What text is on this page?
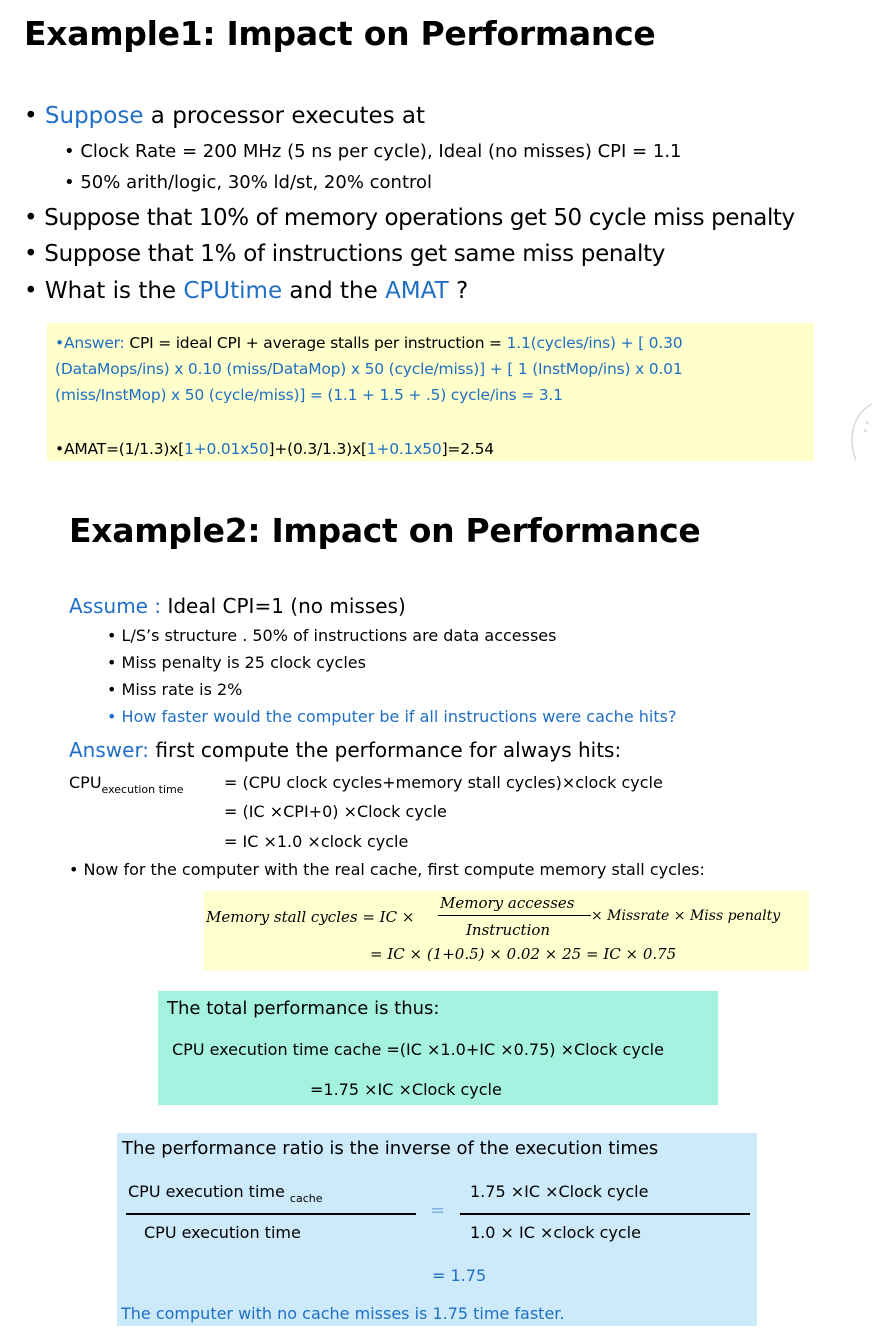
Example1: Impact on Performance
• Suppose a processor executes at
• Clock Rate = 200 MHz (5 ns per cycle), Ideal (no misses) CPI = 1.1
• 50% arith/logic, 30% ld/st, 20% control
• Suppose that 10% of memory operations get 50 cycle miss penalty
• Suppose that 1% of instructions get same miss penalty
• What is the CPUtime and the AMAT ?
•Answer: CPI = ideal CPI + average stalls per instruction = 1.1(cycles/ins) + [ 0.30
(DataMops/ins) x 0.10 (miss/DataMop) x 50 (cycle/miss)] + [ 1 (InstMop/ins) x 0.01
(miss/InstMop) x 50 (cycle/miss)] = (1.1 + 1.5 + .5) cycle/ins = 3.1
•AMAT=(1/1.3)x[1+0.01x50]+(0.3/1.3)x[1+0.1x50]=2.54
Example2: Impact on Performance
Assume : Ideal CPI=1 (no misses)
• L/S’s structure . 50% of instructions are data accesses
• Miss penalty is 25 clock cycles
• Miss rate is 2%
• How faster would the computer be if all instructions were cache hits?
Answer: first compute the performance for always hits:
$CPU_{execution time}$	= (CPU clock cycles+memory stall cycles)×clock cycle
= (IC ×CPI+0) ×Clock cycle
= IC ×1.0 ×clock cycle
• Now for the computer with the real cache, first compute memory stall cycles:
Memory stall cycles = IC ×
Memory accesses
Instruction
× Missrate × Miss penalty
= IC × (1+0.5) × 0.02 × 25 = IC × 0.75
The total performance is thus:
CPU execution time cache =(IC ×1.0+IC ×0.75) ×Clock cycle
=1.75 ×IC ×Clock cycle
The performance ratio is the inverse of the execution times
CPU execution time $_{cache}$
CPU execution time
=
1.75 ×IC ×Clock cycle
1.0 × IC ×clock cycle
= 1.75
The computer with no cache misses is 1.75 time faster.
